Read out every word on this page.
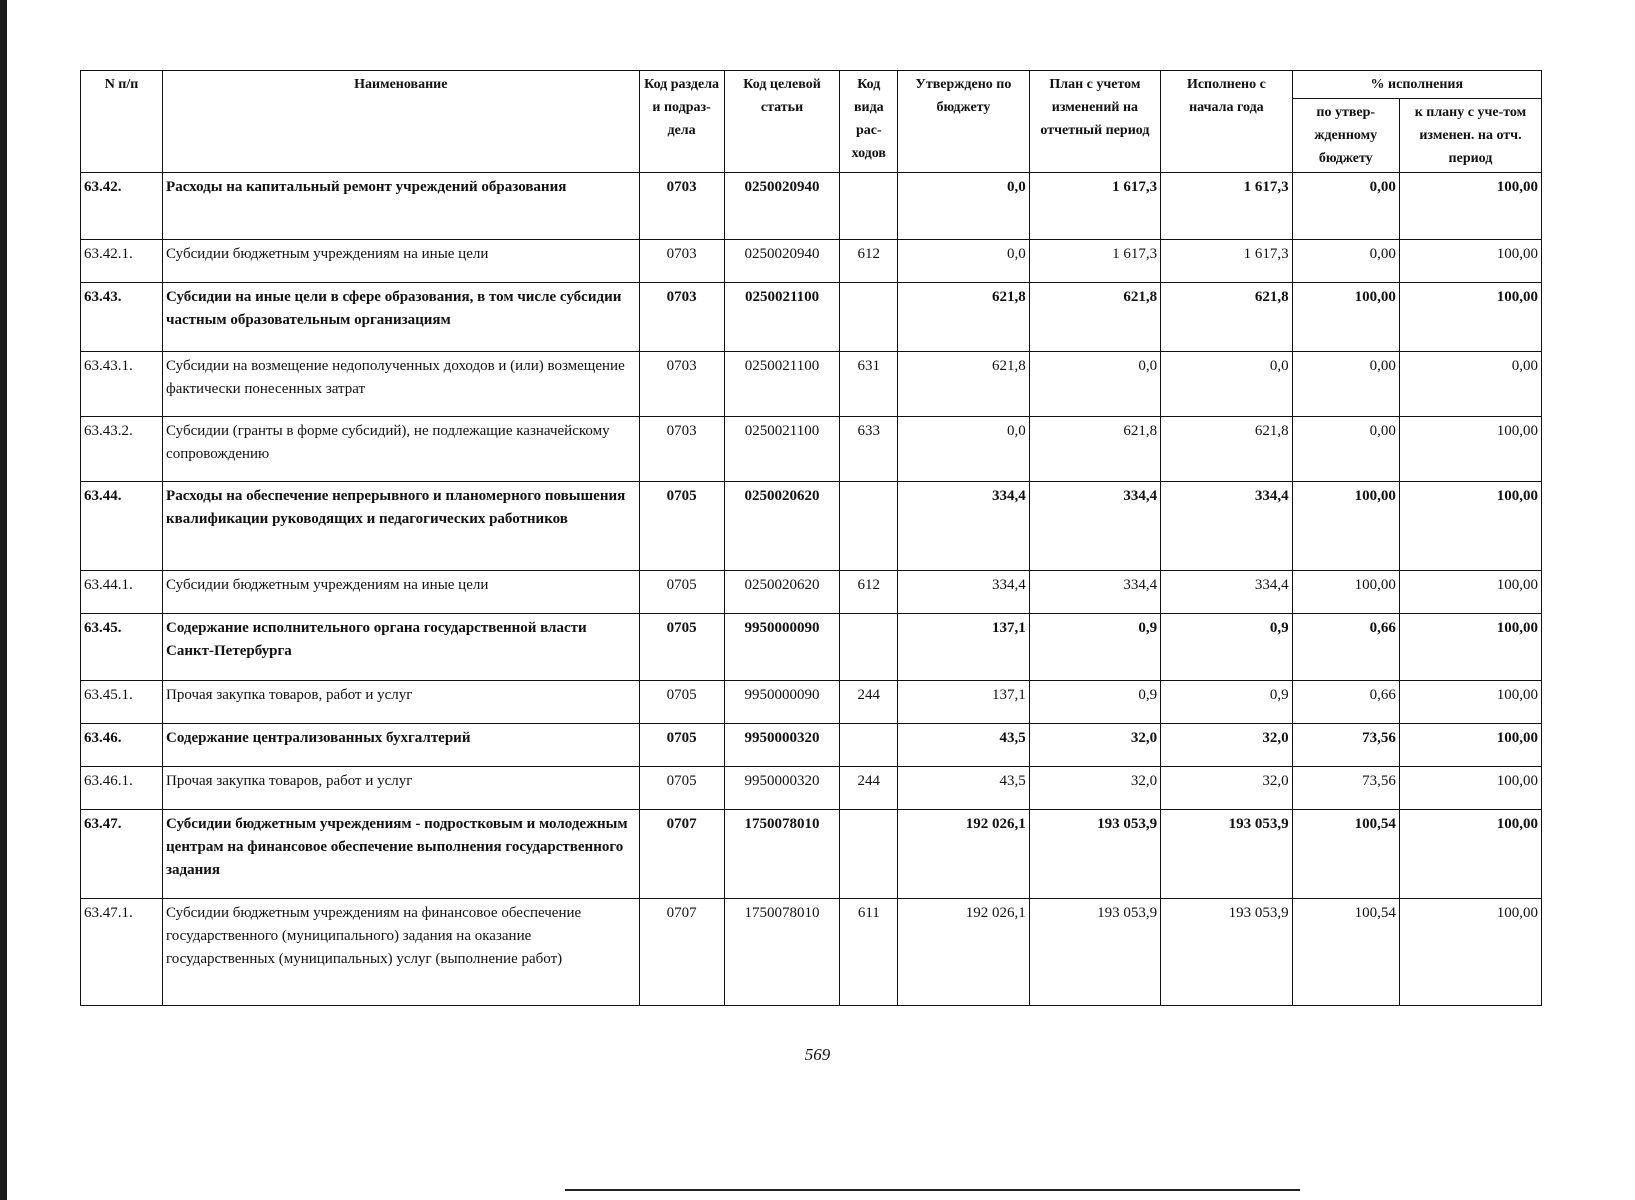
N п/п	Наименование	Код раздела и подраз-дела	Код целевой статьи	Код вида рас-ходов	Утверждено по бюджету	План с учетом изменений на отчетный период	Исполнено с начала года	% исполнения	
								по утвер-жденному бюджету	к плану с уче-том изменен. на отч. период
63.42.	Расходы на капитальный ремонт учреждений образования	0703	0250020940		0,0	1 617,3	1 617,3	0,00	100,00
63.42.1.	Субсидии бюджетным учреждениям на иные цели	0703	0250020940	612	0,0	1 617,3	1 617,3	0,00	100,00
63.43.	Субсидии на иные цели в сфере образования, в том числе субсидии частным образовательным организациям	0703	0250021100		621,8	621,8	621,8	100,00	100,00
63.43.1.	Субсидии на возмещение недополученных доходов и (или) возмещение фактически понесенных затрат	0703	0250021100	631	621,8	0,0	0,0	0,00	0,00
63.43.2.	Субсидии (гранты в форме субсидий), не подлежащие казначейскому сопровождению	0703	0250021100	633	0,0	621,8	621,8	0,00	100,00
63.44.	Расходы на обеспечение непрерывного и планомерного повышения квалификации руководящих и педагогических работников	0705	0250020620		334,4	334,4	334,4	100,00	100,00
63.44.1.	Субсидии бюджетным учреждениям на иные цели	0705	0250020620	612	334,4	334,4	334,4	100,00	100,00
63.45.	Содержание исполнительного органа государственной власти Санкт-Петербурга	0705	9950000090		137,1	0,9	0,9	0,66	100,00
63.45.1.	Прочая закупка товаров, работ и услуг	0705	9950000090	244	137,1	0,9	0,9	0,66	100,00
63.46.	Содержание централизованных бухгалтерий	0705	9950000320		43,5	32,0	32,0	73,56	100,00
63.46.1.	Прочая закупка товаров, работ и услуг	0705	9950000320	244	43,5	32,0	32,0	73,56	100,00
63.47.	Субсидии бюджетным учреждениям - подростковым и молодежным центрам на финансовое обеспечение выполнения государственного задания	0707	1750078010		192 026,1	193 053,9	193 053,9	100,54	100,00
63.47.1.	Субсидии бюджетным учреждениям на финансовое обеспечение государственного (муниципального) задания на оказание государственных (муниципальных) услуг (выполнение работ)	0707	1750078010	611	192 026,1	193 053,9	193 053,9	100,54	100,00
569
